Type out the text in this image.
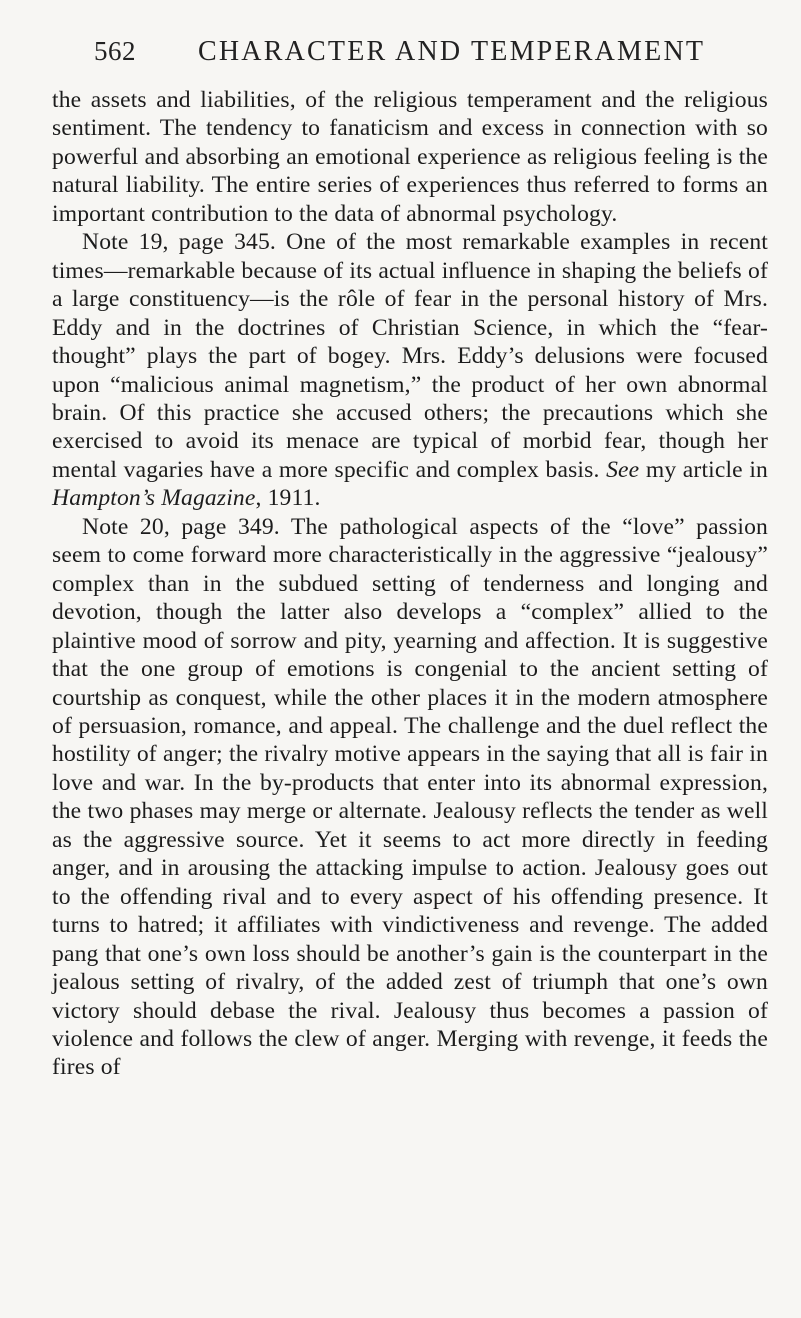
562 CHARACTER AND TEMPERAMENT

the assets and liabilities, of the religious temperament and the religious sentiment. The tendency to fanaticism and excess in connection with so powerful and absorbing an emotional experience as religious feeling is the natural liability. The entire series of experiences thus referred to forms an important contribution to the data of abnormal psychology.

Note 19, page 345. One of the most remarkable examples in recent times—remarkable because of its actual influence in shaping the beliefs of a large constituency—is the rôle of fear in the personal history of Mrs. Eddy and in the doctrines of Christian Science, in which the “fear-thought” plays the part of bogey. Mrs. Eddy’s delusions were focused upon “malicious animal magnetism,” the product of her own abnormal brain. Of this practice she accused others; the precautions which she exercised to avoid its menace are typical of morbid fear, though her mental vagaries have a more specific and complex basis. See my article in Hampton’s Magazine, 1911.

Note 20, page 349. The pathological aspects of the “love” passion seem to come forward more characteristically in the aggressive “jealousy” complex than in the subdued setting of tenderness and longing and devotion, though the latter also develops a “complex” allied to the plaintive mood of sorrow and pity, yearning and affection. It is suggestive that the one group of emotions is congenial to the ancient setting of courtship as conquest, while the other places it in the modern atmosphere of persuasion, romance, and appeal. The challenge and the duel reflect the hostility of anger; the rivalry motive appears in the saying that all is fair in love and war. In the by-products that enter into its abnormal expression, the two phases may merge or alternate. Jealousy reflects the tender as well as the aggressive source. Yet it seems to act more directly in feeding anger, and in arousing the attacking impulse to action. Jealousy goes out to the offending rival and to every aspect of his offending presence. It turns to hatred; it affiliates with vindictiveness and revenge. The added pang that one’s own loss should be another’s gain is the counterpart in the jealous setting of rivalry, of the added zest of triumph that one’s own victory should debase the rival. Jealousy thus becomes a passion of violence and follows the clew of anger. Merging with revenge, it feeds the fires of
